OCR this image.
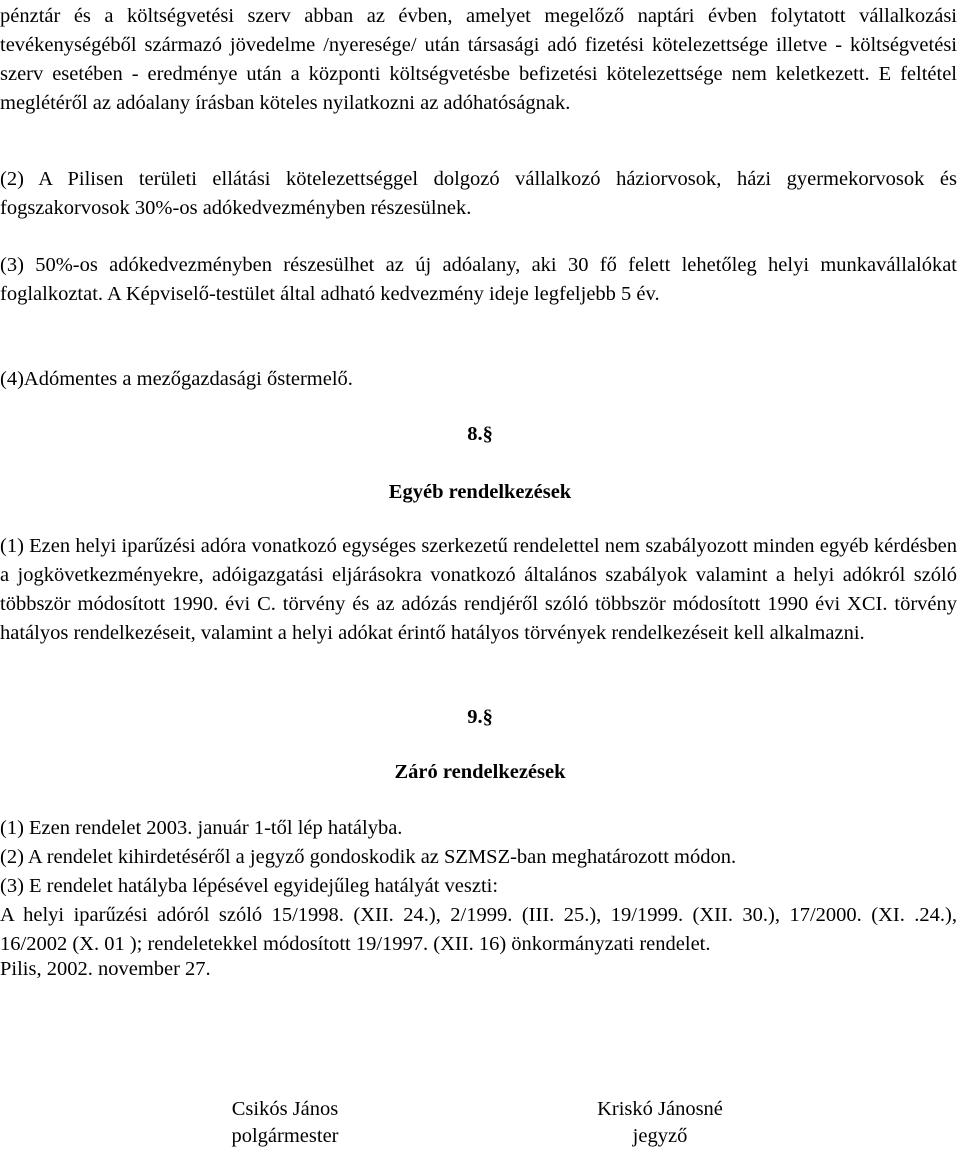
pénztár és a költségvetési szerv abban az évben, amelyet megelőző naptári évben folytatott vállalkozási tevékenységéből származó jövedelme /nyeresége/ után társasági adó fizetési kötelezettsége illetve - költségvetési szerv esetében - eredménye után a központi költségvetésbe befizetési kötelezettsége nem keletkezett. E feltétel meglétéről az adóalany írásban köteles nyilatkozni az adóhatóságnak.

(2) A Pilisen területi ellátási kötelezettséggel dolgozó vállalkozó háziorvosok, házi gyermekorvosok és fogszakorvosok 30%-os adókedvezményben részesülnek.

(3) 50%-os adókedvezményben részesülhet az új adóalany, aki 30 fő felett lehetőleg helyi munkavállalókat foglalkoztat. A Képviselő-testület által adható kedvezmény ideje legfeljebb 5 év.

(4)Adómentes a mezőgazdasági őstermelő.

8.§
Egyéb rendelkezések

(1) Ezen helyi iparűzési adóra vonatkozó egységes szerkezetű rendelettel nem szabályozott minden egyéb kérdésben a jogkövetkezményekre, adóigazgatási eljárásokra vonatkozó általános szabályok valamint a helyi adókról szóló többször módosított 1990. évi C. törvény és az adózás rendjéről szóló többször módosított 1990 évi XCI. törvény hatályos rendelkezéseit, valamint a helyi adókat érintő hatályos törvények rendelkezéseit kell alkalmazni.

9.§
Záró rendelkezések

(1) Ezen rendelet 2003. január 1-től lép hatályba.

(2) A rendelet kihirdetéséről a jegyző gondoskodik az SZMSZ-ban meghatározott módon.

(3) E rendelet hatályba lépésével egyidejűleg hatályát veszti:

A helyi iparűzési adóról szóló 15/1998. (XII. 24.), 2/1999. (III. 25.), 19/1999. (XII. 30.), 17/2000. (XI. .24.), 16/2002 (X. 01 ); rendeletekkel módosított 19/1997. (XII. 16) önkormányzati rendelet.

Pilis, 2002. november 27.

Csikós János
polgármester
Kriskó Jánosné
jegyző
